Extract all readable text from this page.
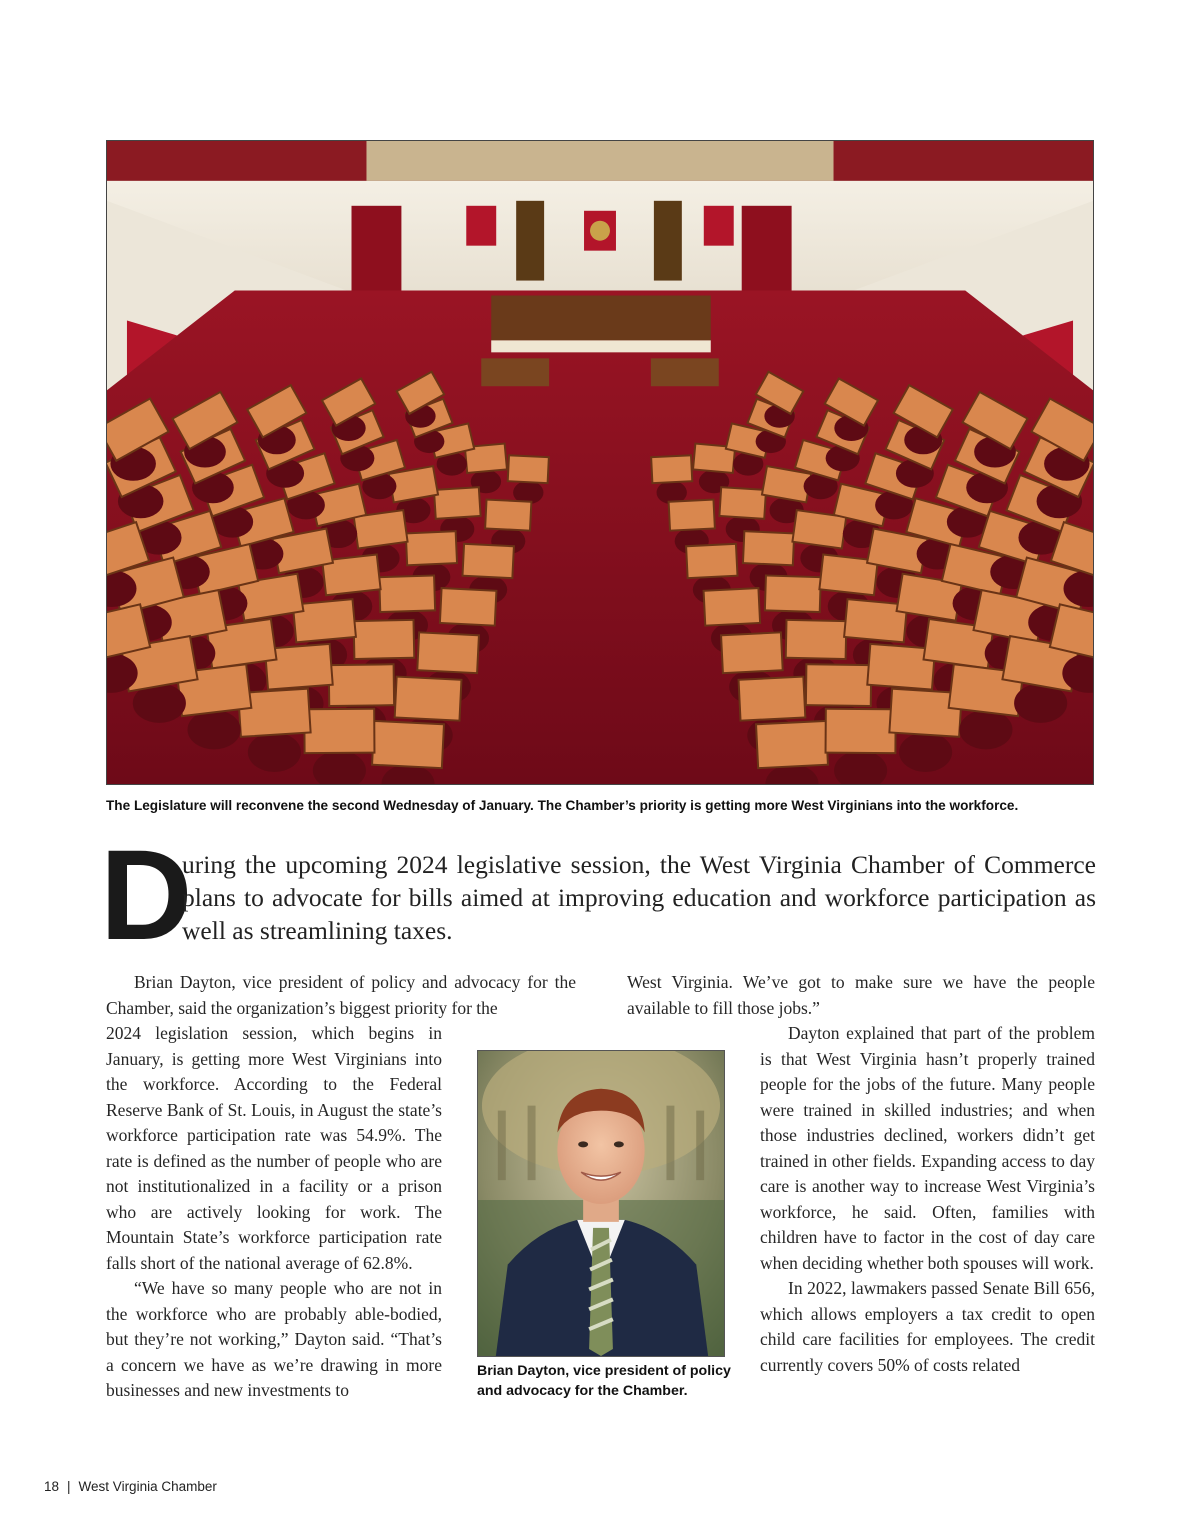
The Legislature will reconvene the second Wednesday of January. The Chamber’s priority is getting more West Virginians into the workforce.
D

uring the upcoming 2024 legislative session, the West Virginia Chamber of Commerce plans to advocate for bills aimed at improving education and workforce participation as well as streamlining taxes.

Brian Dayton, vice president of policy and advocacy for the Chamber, said the organization’s biggest priority for the

2024 legislation session, which begins in January, is getting more West Virginians into the workforce. According to the Federal Reserve Bank of St. Louis, in August the state’s workforce participation rate was 54.9%. The rate is defined as the number of people who are not institutionalized in a facility or a prison who are actively looking for work. The Mountain State’s workforce participation rate falls short of the national average of 62.8%.

“We have so many people who are not in the workforce who are probably able-bodied, but they’re not working,” Dayton said. “That’s a concern we have as we’re drawing in more businesses and new investments to

West Virginia. We’ve got to make sure we have the people available to fill those jobs.”

Dayton explained that part of the problem is that West Virginia hasn’t properly trained people for the jobs of the future. Many people were trained in skilled industries; and when those industries declined, workers didn’t get trained in other fields. Expanding access to day care is another way to increase West Virginia’s workforce, he said. Often, families with children have to factor in the cost of day care when deciding whether both spouses will work.

In 2022, lawmakers passed Senate Bill 656, which allows employers a tax credit to open child care facilities for employees. The credit currently covers 50% of costs related

Brian Dayton, vice president of policy and advocacy for the Chamber.
18 | West Virginia Chamber
